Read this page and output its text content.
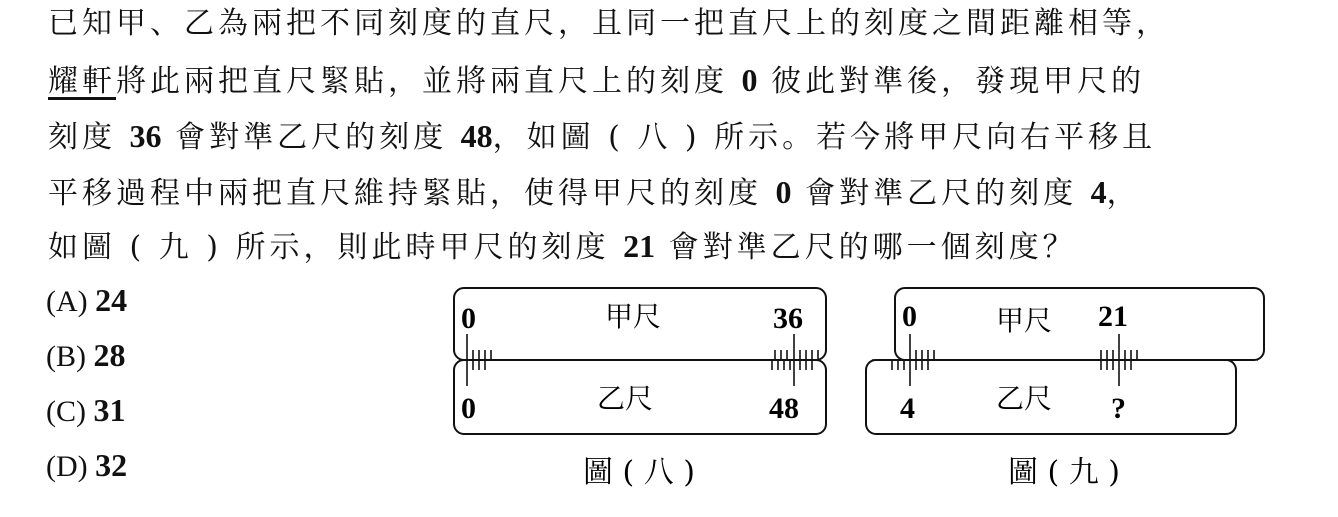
已知甲、乙為兩把不同刻度的直尺，且同一把直尺上的刻度之間距離相等，
耀軒將此兩把直尺緊貼，並將兩直尺上的刻度 0 彼此對準後，發現甲尺的
刻度 36 會對準乙尺的刻度 48，如圖 ( 八 ) 所示。若今將甲尺向右平移且
平移過程中兩把直尺維持緊貼，使得甲尺的刻度 0 會對準乙尺的刻度 4，
如圖 ( 九 ) 所示，則此時甲尺的刻度 21 會對準乙尺的哪一個刻度？
(A) 24
(B) 28
(C) 31
(D) 32
0	36
甲尺
0	48
乙尺
圖 ( 八 )
0	21
甲尺
4	?
乙尺
圖 ( 九 )
